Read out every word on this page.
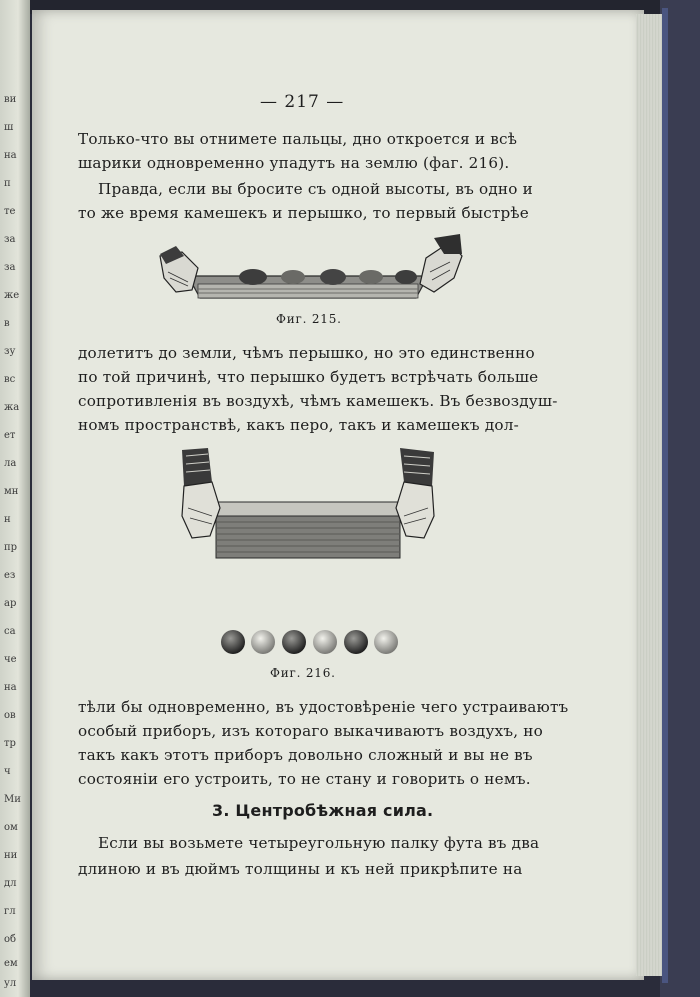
ви
ш
на
п
те
за
за
же
в
зу
вс
жа
ет
ла
мн
н
пр
ез
ар
са
че
на
ов
тр
ч
Ми
ом
ни
дл
гл
об
ем
ул
— 217 —
Только-что вы отнимете пальцы, дно откроется и всѣ
шарики одновременно упадутъ на землю (фаг. 216).
Правда, если вы бросите съ одной высоты, въ одно и
то же время камешекъ и перышко, то первый быстрѣе
Фиг. 215.
долетитъ до земли, чѣмъ перышко, но это единственно
по той причинѣ, что перышко будетъ встрѣчать больше
сопротивленія въ воздухѣ, чѣмъ камешекъ. Въ безвоздуш-
номъ пространствѣ, какъ перо, такъ и камешекъ дол-
Фиг. 216.
тѣли бы одновременно, въ удостовѣреніе чего устраиваютъ
особый приборъ, изъ котораго выкачиваютъ воздухъ, но
такъ какъ этотъ приборъ довольно сложный и вы не въ
состояніи его устроить, то не стану и говорить о немъ.
3. Центробѣжная сила.
Если вы возьмете четыреугольную палку фута въ два
длиною и въ дюймъ толщины и къ ней прикрѣпите на
